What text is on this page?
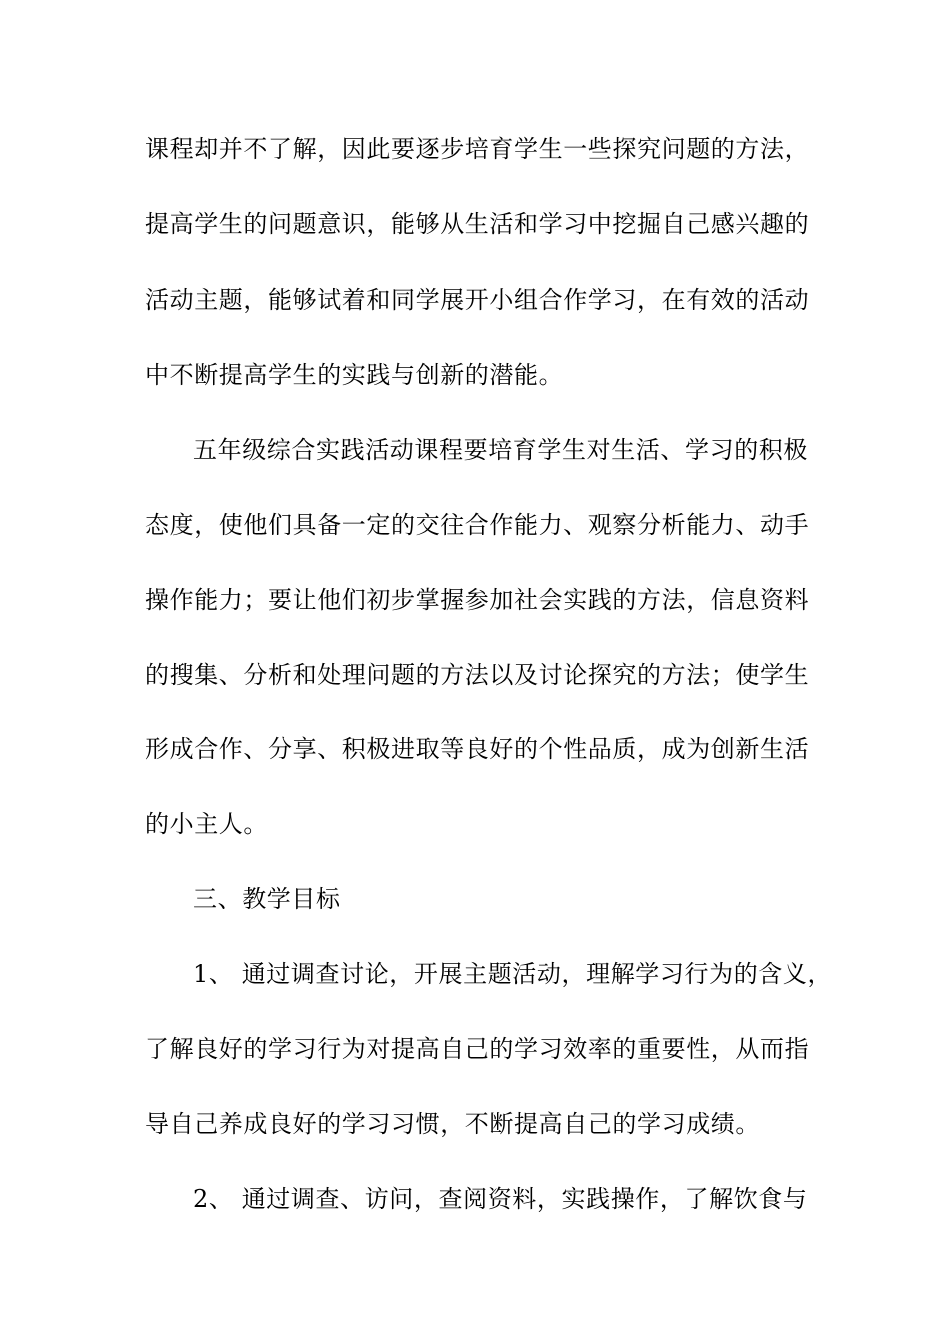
课程却并不了解，因此要逐步培育学生一些探究问题的方法，
提高学生的问题意识，能够从生活和学习中挖掘自己感兴趣的
活动主题，能够试着和同学展开小组合作学习，在有效的活动
中不断提高学生的实践与创新的潜能。
五年级综合实践活动课程要培育学生对生活、学习的积极
态度，使他们具备一定的交往合作能力、观察分析能力、动手
操作能力；要让他们初步掌握参加社会实践的方法，信息资料
的搜集、分析和处理问题的方法以及讨论探究的方法；使学生
形成合作、分享、积极进取等良好的个性品质，成为创新生活
的小主人。
三、教学目标
1、 通过调查讨论，开展主题活动，理解学习行为的含义，
了解良好的学习行为对提高自己的学习效率的重要性，从而指
导自己养成良好的学习习惯，不断提高自己的学习成绩。
2、 通过调查、访问，查阅资料，实践操作，了解饮食与
